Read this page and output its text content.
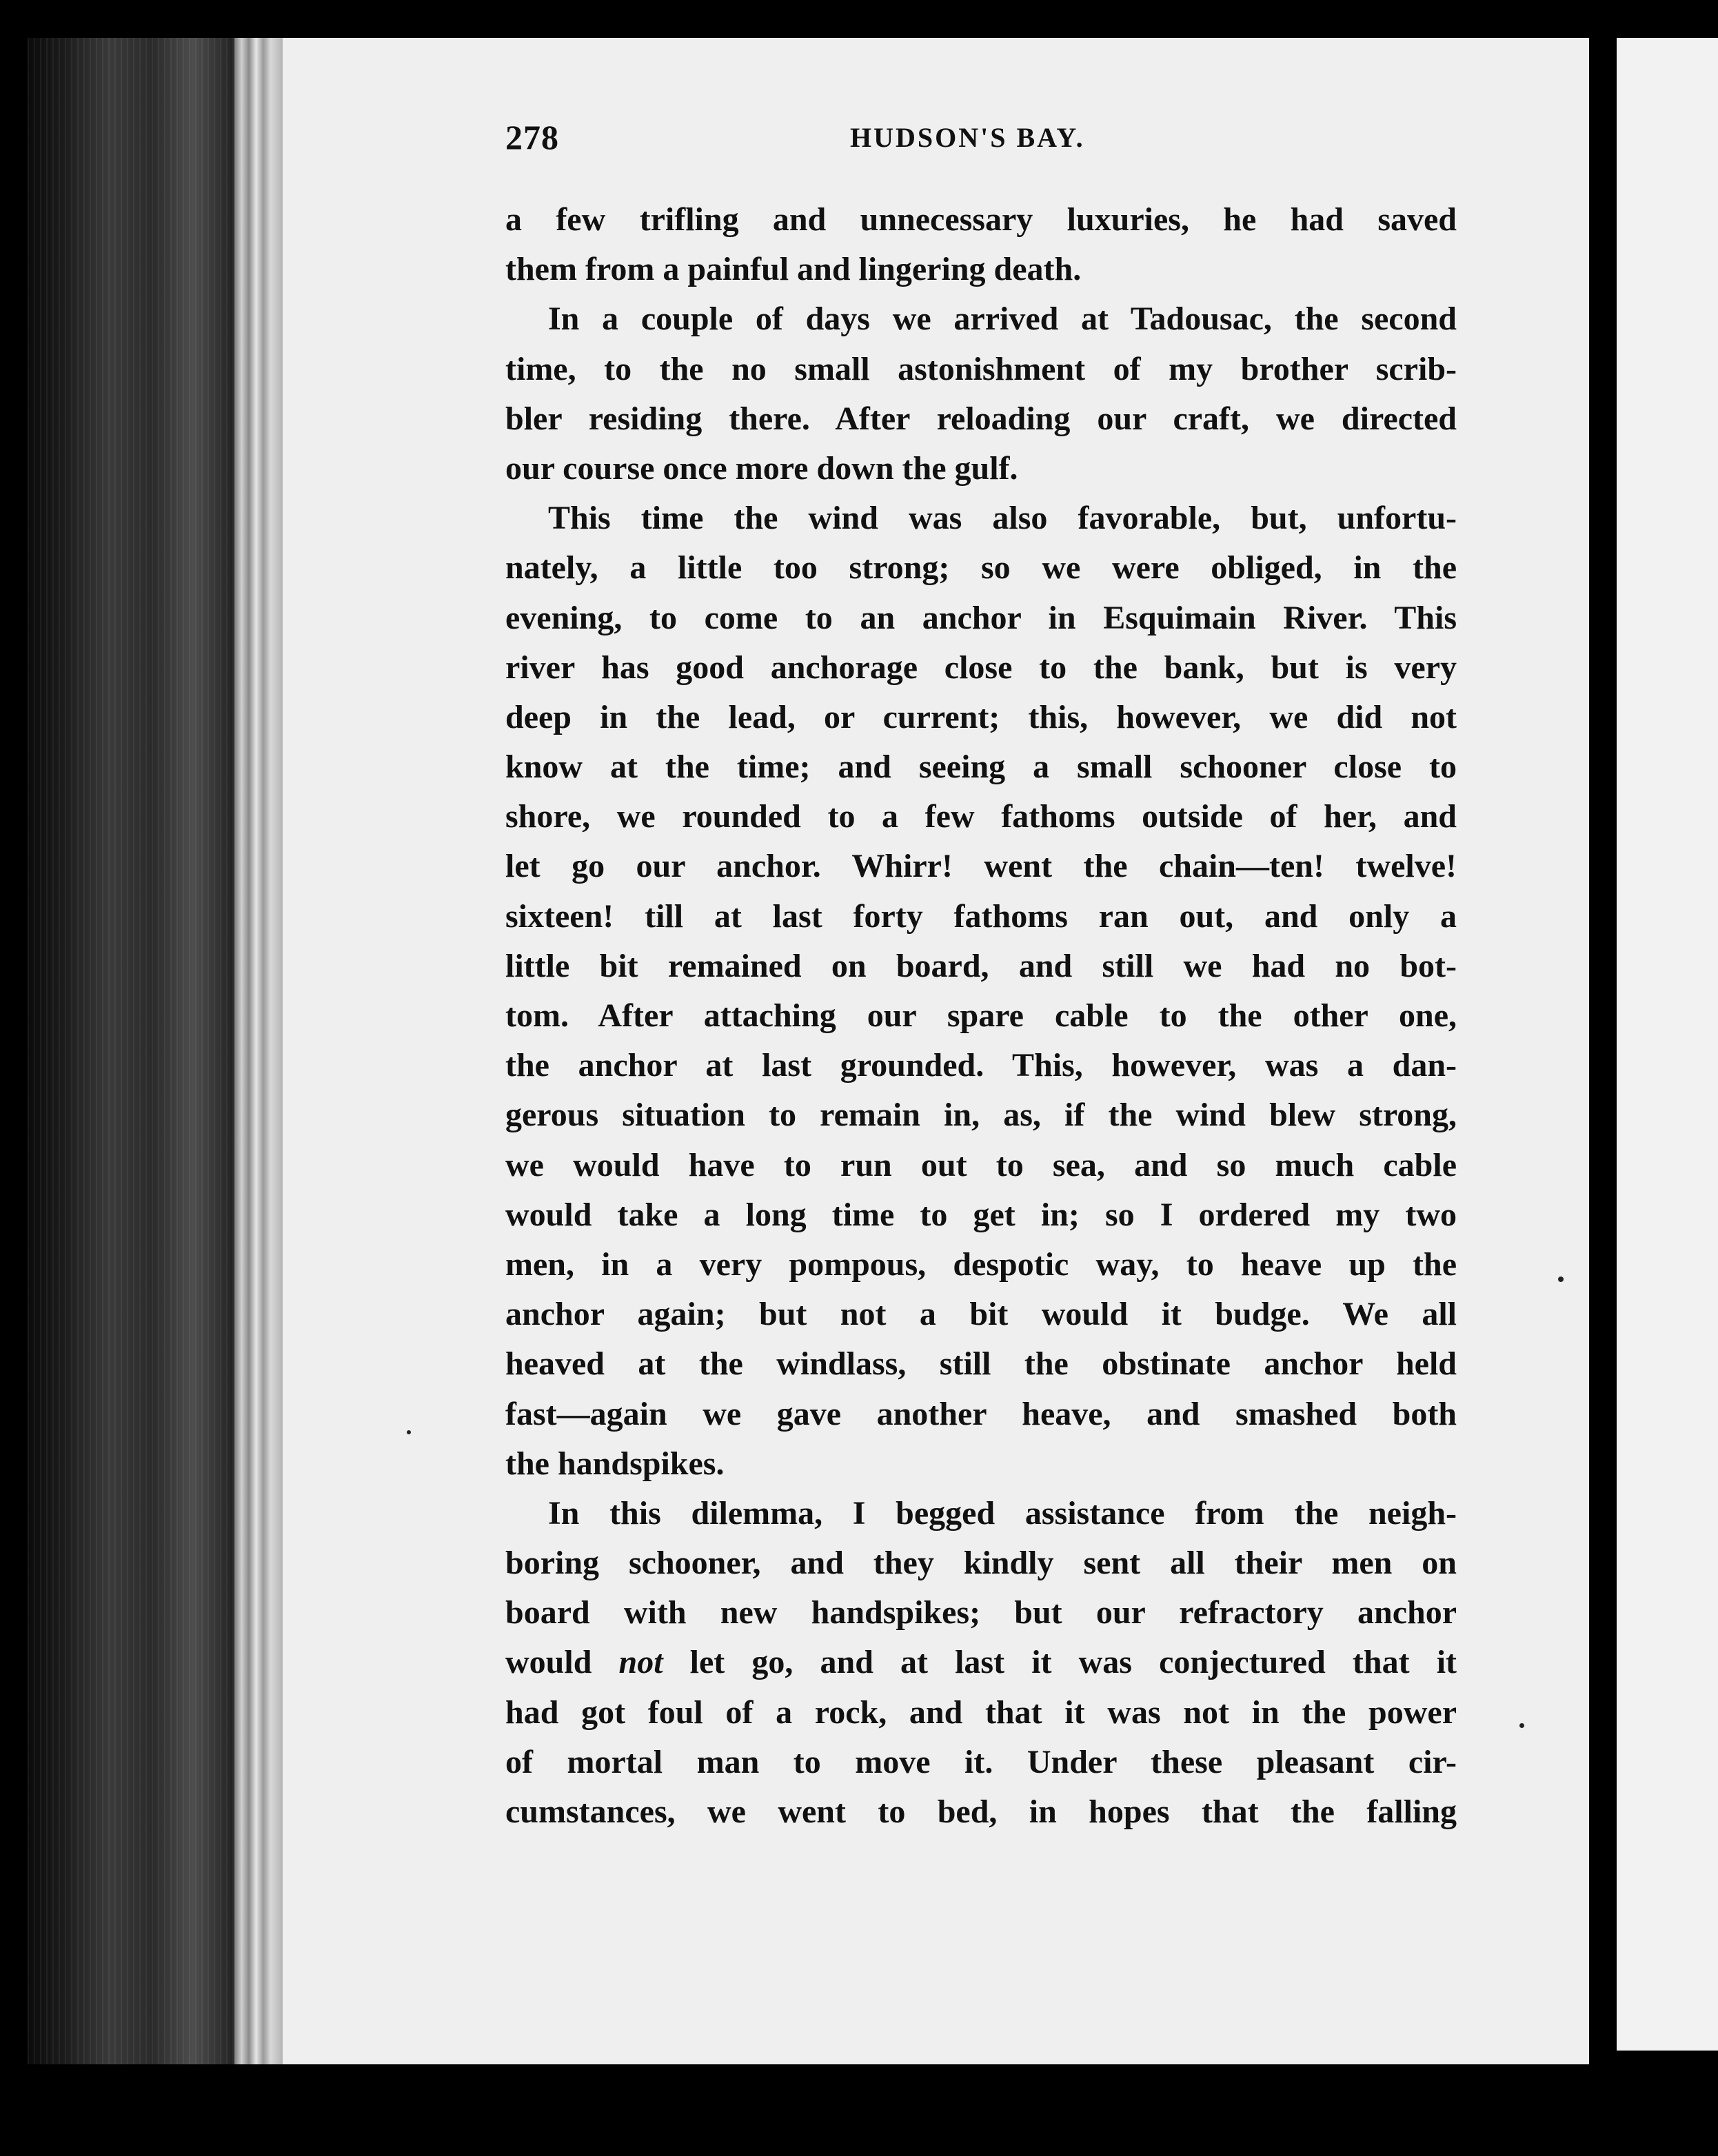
278	HUDSON'S BAY.
a few trifling and unnecessary luxuries, he had saved
them from a painful and lingering death.
In a couple of days we arrived at Tadousac, the second
time, to the no small astonishment of my brother scrib-
bler residing there. After reloading our craft, we directed
our course once more down the gulf.
This time the wind was also favorable, but, unfortu-
nately, a little too strong; so we were obliged, in the
evening, to come to an anchor in Esquimain River. This
river has good anchorage close to the bank, but is very
deep in the lead, or current; this, however, we did not
know at the time; and seeing a small schooner close to
shore, we rounded to a few fathoms outside of her, and
let go our anchor. Whirr! went the chain—ten! twelve!
sixteen! till at last forty fathoms ran out, and only a
little bit remained on board, and still we had no bot-
tom. After attaching our spare cable to the other one,
the anchor at last grounded. This, however, was a dan-
gerous situation to remain in, as, if the wind blew strong,
we would have to run out to sea, and so much cable
would take a long time to get in; so I ordered my two
men, in a very pompous, despotic way, to heave up the
anchor again; but not a bit would it budge. We all
heaved at the windlass, still the obstinate anchor held
fast—again we gave another heave, and smashed both
the handspikes.
In this dilemma, I begged assistance from the neigh-
boring schooner, and they kindly sent all their men on
board with new handspikes; but our refractory anchor
would not let go, and at last it was conjectured that it
had got foul of a rock, and that it was not in the power
of mortal man to move it. Under these pleasant cir-
cumstances, we went to bed, in hopes that the falling
